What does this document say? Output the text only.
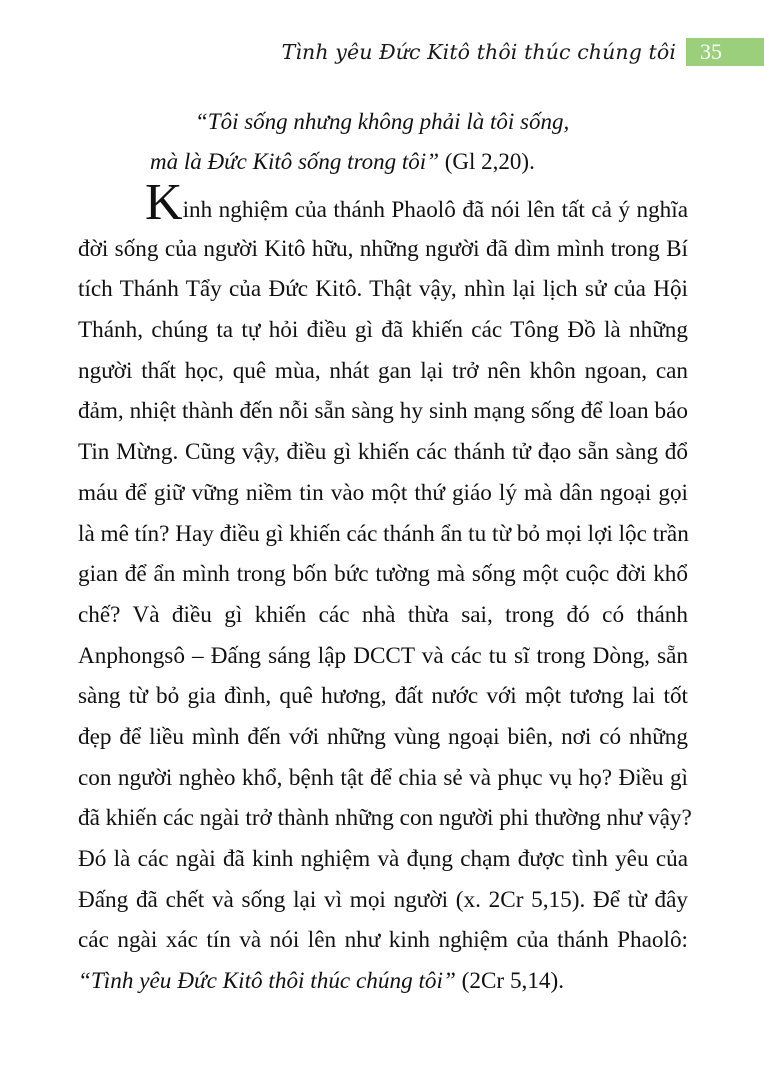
Tình yêu Đức Kitô thôi thúc chúng tôi	35
“Tôi sống nhưng không phải là tôi sống,
mà là Đức Kitô sống trong tôi” (Gl 2,20).
Kinh nghiệm của thánh Phaolô đã nói lên tất cả ý nghĩa
đời sống của người Kitô hữu, những người đã dìm mình trong Bí
tích Thánh Tẩy của Đức Kitô. Thật vậy, nhìn lại lịch sử của Hội
Thánh, chúng ta tự hỏi điều gì đã khiến các Tông Đồ là những
người thất học, quê mùa, nhát gan lại trở nên khôn ngoan, can
đảm, nhiệt thành đến nỗi sẵn sàng hy sinh mạng sống để loan báo
Tin Mừng. Cũng vậy, điều gì khiến các thánh tử đạo sẵn sàng đổ
máu để giữ vững niềm tin vào một thứ giáo lý mà dân ngoại gọi
là mê tín? Hay điều gì khiến các thánh ẩn tu từ bỏ mọi lợi lộc trần
gian để ẩn mình trong bốn bức tường mà sống một cuộc đời khổ
chế? Và điều gì khiến các nhà thừa sai, trong đó có thánh
Anphongsô – Đấng sáng lập DCCT và các tu sĩ trong Dòng, sẵn
sàng từ bỏ gia đình, quê hương, đất nước với một tương lai tốt
đẹp để liều mình đến với những vùng ngoại biên, nơi có những
con người nghèo khổ, bệnh tật để chia sẻ và phục vụ họ? Điều gì
đã khiến các ngài trở thành những con người phi thường như vậy?
Đó là các ngài đã kinh nghiệm và đụng chạm được tình yêu của
Đấng đã chết và sống lại vì mọi người (x. 2Cr 5,15). Để từ đây
các ngài xác tín và nói lên như kinh nghiệm của thánh Phaolô:
“Tình yêu Đức Kitô thôi thúc chúng tôi” (2Cr 5,14).
